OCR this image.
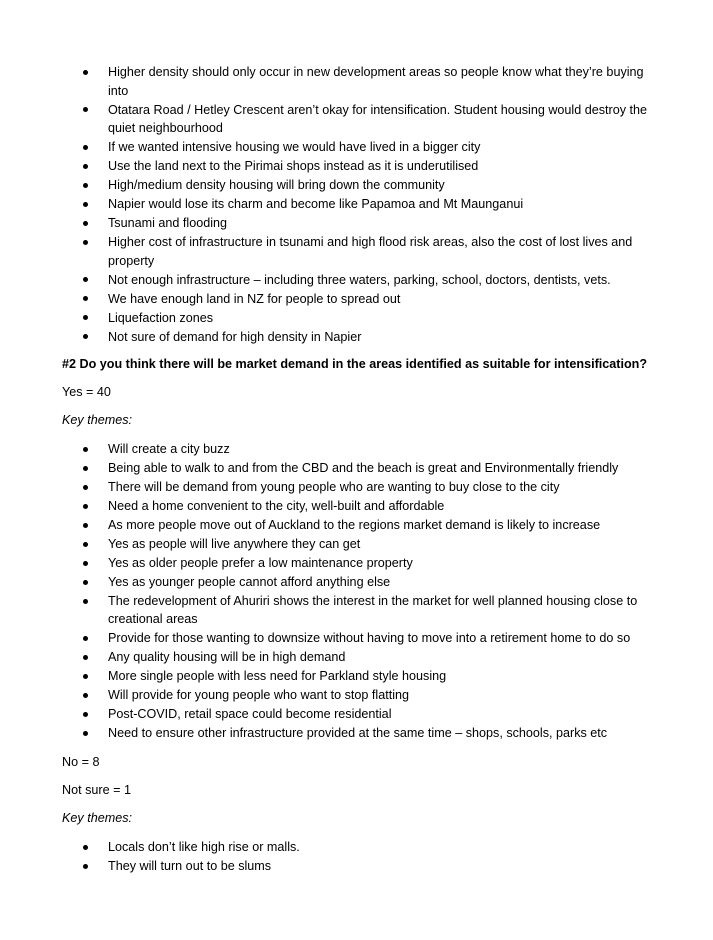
Higher density should only occur in new development areas so people know what they’re buying into
Otatara Road / Hetley Crescent aren’t okay for intensification. Student housing would destroy the quiet neighbourhood
If we wanted intensive housing we would have lived in a bigger city
Use the land next to the Pirimai shops instead as it is underutilised
High/medium density housing will bring down the community
Napier would lose its charm and become like Papamoa and Mt Maunganui
Tsunami and flooding
Higher cost of infrastructure in tsunami and high flood risk areas, also the cost of lost lives and property
Not enough infrastructure – including three waters, parking, school, doctors, dentists, vets.
We have enough land in NZ for people to spread out
Liquefaction zones
Not sure of demand for high density in Napier
#2 Do you think there will be market demand in the areas identified as suitable for intensification?
Yes = 40
Key themes:
Will create a city buzz
Being able to walk to and from the CBD and the beach is great and Environmentally friendly
There will be demand from young people who are wanting to buy close to the city
Need a home convenient to the city, well-built and affordable
As more people move out of Auckland to the regions market demand is likely to increase
Yes as people will live anywhere they can get
Yes as older people prefer a low maintenance property
Yes as younger people cannot afford anything else
The redevelopment of Ahuriri shows the interest in the market for well planned housing close to creational areas
Provide for those wanting to downsize without having to move into a retirement home to do so
Any quality housing will be in high demand
More single people with less need for Parkland style housing
Will provide for young people who want to stop flatting
Post-COVID, retail space could become residential
Need to ensure other infrastructure provided at the same time – shops, schools, parks etc
No = 8
Not sure = 1
Key themes:
Locals don’t like high rise or malls.
They will turn out to be slums
